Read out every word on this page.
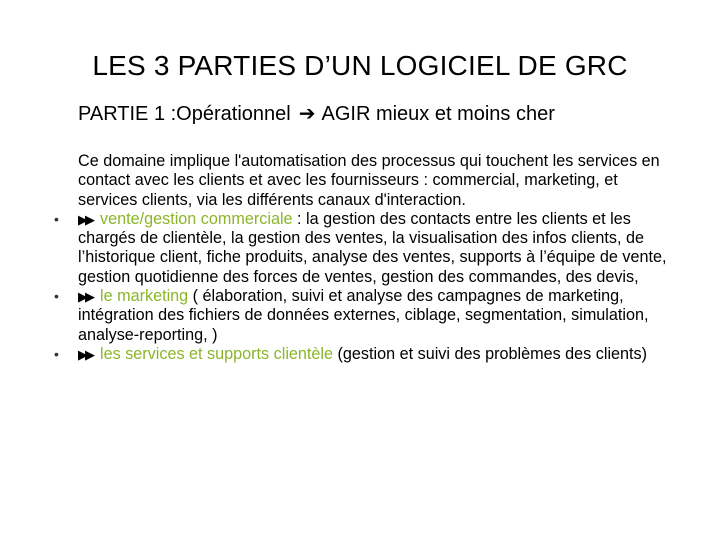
LES 3 PARTIES D’UN LOGICIEL DE GRC
PARTIE 1 :Opérationnel ➔ AGIR mieux et moins cher

Ce domaine implique l'automatisation des processus qui touchent les services en contact avec les clients et avec les fournisseurs : commercial, marketing, et services clients, via les différents canaux d'interaction.

• ▶▶ vente/gestion commerciale : la gestion des contacts entre les clients et les chargés de clientèle, la gestion des ventes, la visualisation des infos clients, de l’historique client, fiche produits, analyse des ventes, supports à l’équipe de vente, gestion quotidienne des forces de ventes, gestion des commandes, des devis,
• ▶▶ le marketing ( élaboration, suivi et analyse des campagnes de marketing, intégration des fichiers de données externes, ciblage, segmentation, simulation, analyse-reporting, )
• ▶▶ les services et supports clientèle (gestion et suivi des problèmes des clients)
